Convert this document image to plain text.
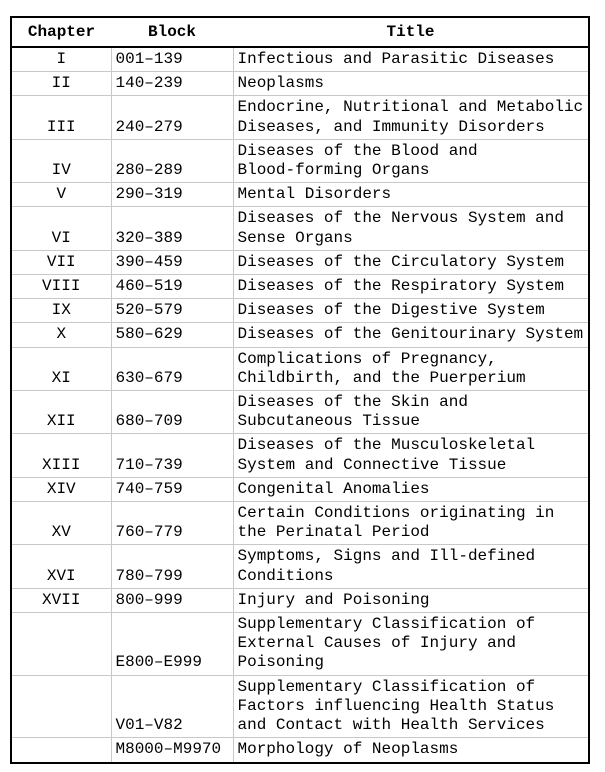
Chapter	Block	Title
I	001–139	Infectious and Parasitic Diseases
II	140–239	Neoplasms
III	240–279	Endocrine, Nutritional and Metabolic
Diseases, and Immunity Disorders
IV	280–289	Diseases of the Blood and
Blood-forming Organs
V	290–319	Mental Disorders
VI	320–389	Diseases of the Nervous System and
Sense Organs
VII	390–459	Diseases of the Circulatory System
VIII	460–519	Diseases of the Respiratory System
IX	520–579	Diseases of the Digestive System
X	580–629	Diseases of the Genitourinary System
XI	630–679	Complications of Pregnancy,
Childbirth, and the Puerperium
XII	680–709	Diseases of the Skin and
Subcutaneous Tissue
XIII	710–739	Diseases of the Musculoskeletal
System and Connective Tissue
XIV	740–759	Congenital Anomalies
XV	760–779	Certain Conditions originating in
the Perinatal Period
XVI	780–799	Symptoms, Signs and Ill-defined
Conditions
XVII	800–999	Injury and Poisoning
	E800–E999	Supplementary Classification of
External Causes of Injury and
Poisoning
	V01–V82	Supplementary Classification of
Factors influencing Health Status
and Contact with Health Services
	M8000–M9970	Morphology of Neoplasms
